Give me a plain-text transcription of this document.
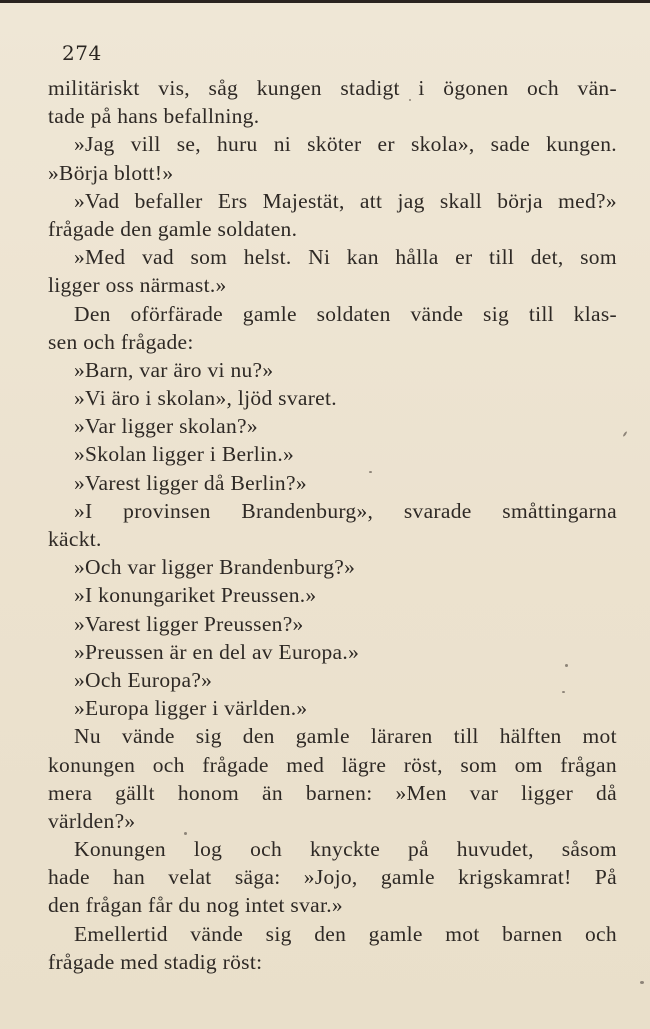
274
militäriskt vis, såg kungen stadigt i ögonen och vän-
tade på hans befallning.
»Jag vill se, huru ni sköter er skola», sade kungen.
»Börja blott!»
»Vad befaller Ers Majestät, att jag skall börja med?»
frågade den gamle soldaten.
»Med vad som helst. Ni kan hålla er till det, som
ligger oss närmast.»
Den oförfärade gamle soldaten vände sig till klas-
sen och frågade:
»Barn, var äro vi nu?»
»Vi äro i skolan», ljöd svaret.
»Var ligger skolan?»
»Skolan ligger i Berlin.»
»Varest ligger då Berlin?»
»I provinsen Brandenburg», svarade småttingarna
käckt.
»Och var ligger Brandenburg?»
»I konungariket Preussen.»
»Varest ligger Preussen?»
»Preussen är en del av Europa.»
»Och Europa?»
»Europa ligger i världen.»
Nu vände sig den gamle läraren till hälften mot
konungen och frågade med lägre röst, som om frågan
mera gällt honom än barnen: »Men var ligger då
världen?»
Konungen log och knyckte på huvudet, såsom
hade han velat säga: »Jojo, gamle krigskamrat! På
den frågan får du nog intet svar.»
Emellertid vände sig den gamle mot barnen och
frågade med stadig röst:
